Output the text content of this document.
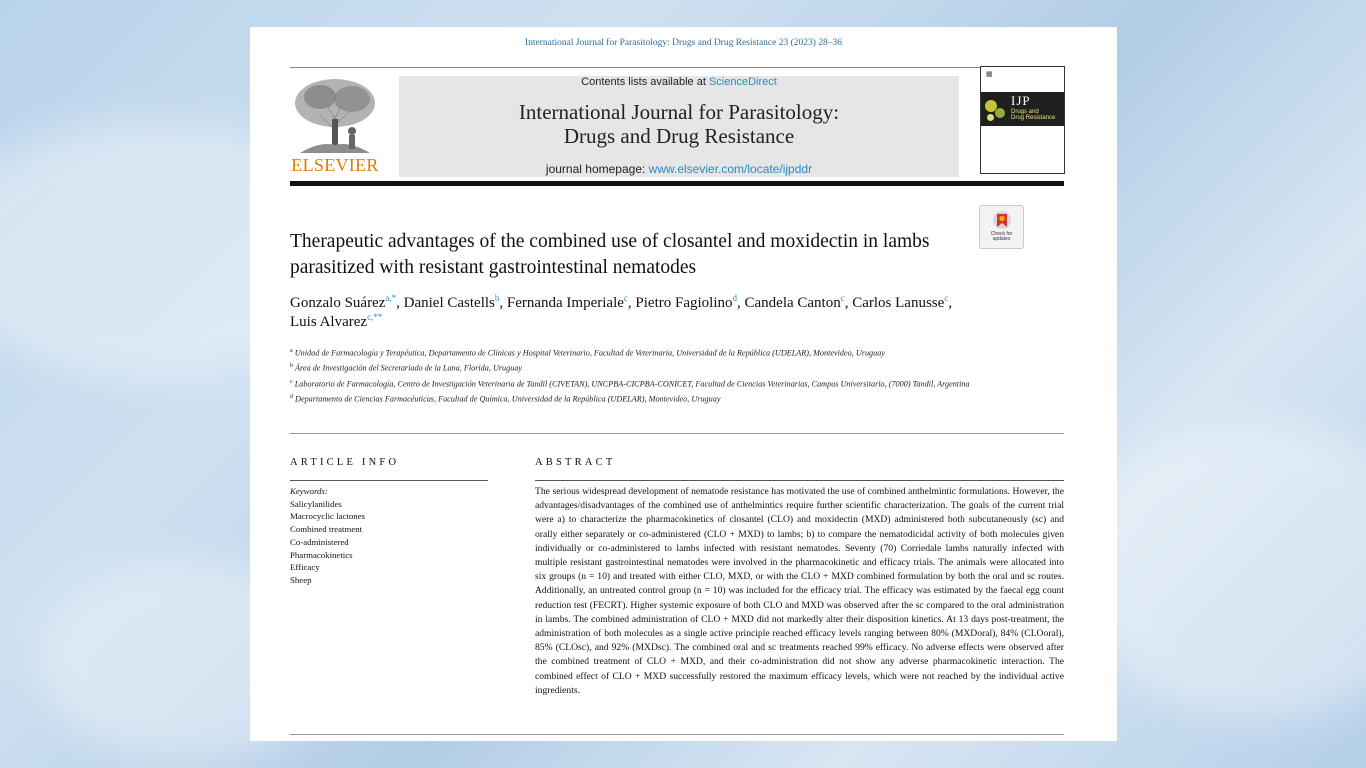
International Journal for Parasitology: Drugs and Drug Resistance 23 (2023) 28–36
ELSEVIER
Contents lists available at ScienceDirect
International Journal for Parasitology:
Drugs and Drug Resistance
journal homepage: www.elsevier.com/locate/ijpddr
▦
IJP
Drugs and
Drug Resistance
Check for
updates
Therapeutic advantages of the combined use of closantel and moxidectin in lambs parasitized with resistant gastrointestinal nematodes
Gonzalo Suárez$^{a,*}$, Daniel Castells$^b$, Fernanda Imperiale$^c$, Pietro Fagiolino$^d$, Candela Canton$^c$, Carlos Lanusse$^c$, Luis Alvarez$^{c,**}$
$^a$ Unidad de Farmacología y Terapéutica, Departamento de Clínicas y Hospital Veterinario, Facultad de Veterinaria, Universidad de la República (UDELAR), Montevideo, Uruguay
$^b$ Área de Investigación del Secretariado de la Lana, Florida, Uruguay
$^c$ Laboratorio de Farmacología, Centro de Investigación Veterinaria de Tandil (CIVETAN), UNCPBA-CICPBA-CONICET, Facultad de Ciencias Veterinarias, Campus Universitario, (7000) Tandil, Argentina
$^d$ Departamento de Ciencias Farmacéuticas, Facultad de Química, Universidad de la República (UDELAR), Montevideo, Uruguay
ARTICLE INFO	ABSTRACT
Keywords:
Salicylanilides
Macrocyclic lactones
Combined treatment
Co-administered
Pharmacokinetics
Efficacy
Sheep

The serious widespread development of nematode resistance has motivated the use of combined anthelmintic formulations. However, the advantages/disadvantages of the combined use of anthelmintics require further scientific characterization. The goals of the current trial were a) to characterize the pharmacokinetics of closantel (CLO) and moxidectin (MXD) administered both subcutaneously (sc) and orally either separately or co-administered (CLO + MXD) to lambs; b) to compare the nematodicidal activity of both molecules given individually or co-administered to lambs infected with resistant nematodes. Seventy (70) Corriedale lambs naturally infected with multiple resistant gastrointestinal nematodes were involved in the pharmacokinetic and efficacy trials. The animals were allocated into six groups (n = 10) and treated with either CLO, MXD, or with the CLO + MXD combined formulation by both the oral and sc routes. Additionally, an untreated control group (n = 10) was included for the efficacy trial. The efficacy was estimated by the faecal egg count reduction test (FECRT). Higher systemic exposure of both CLO and MXD was observed after the sc compared to the oral administration in lambs. The combined administration of CLO + MXD did not markedly alter their disposition kinetics. At 13 days post-treatment, the administration of both molecules as a single active principle reached efficacy levels ranging between 80% (MXDoral), 84% (CLOoral), 85% (CLOsc), and 92% (MXDsc). The combined oral and sc treatments reached 99% efficacy. No adverse effects were observed after the combined treatment of CLO + MXD, and their co-administration did not show any adverse pharmacokinetic interaction. The combined effect of CLO + MXD successfully restored the maximum efficacy levels, which were not reached by the individual active ingredients.
